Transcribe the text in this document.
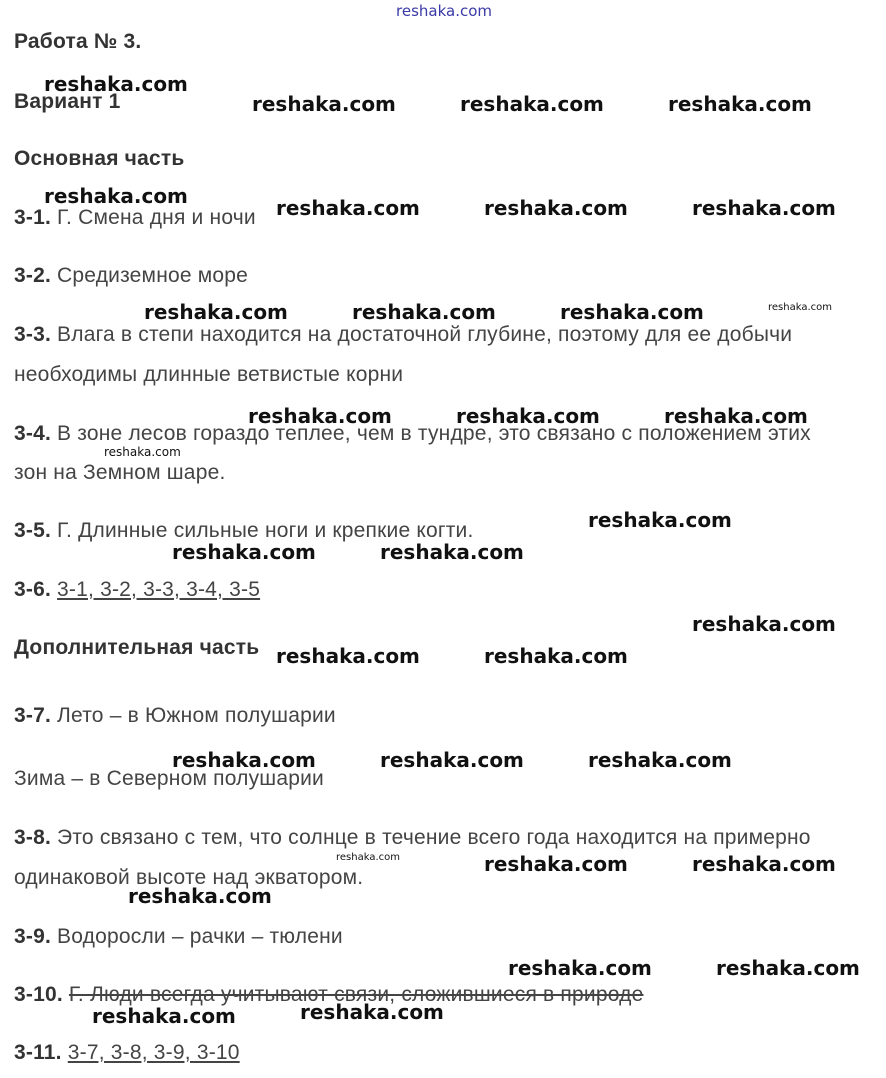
reshaka.com
Работа № 3.
Вариант 1
Основная часть
3-1. Г. Смена дня и ночи
3-2. Средиземное море
3-3. Влага в степи находится на достаточной глубине, поэтому для ее добычи
необходимы длинные ветвистые корни
3-4. В зоне лесов гораздо теплее, чем в тундре, это связано с положением этих
зон на Земном шаре.
3-5. Г. Длинные сильные ноги и крепкие когти.
3-6. 3-1, 3-2, 3-3, 3-4, 3-5
Дополнительная часть
3-7. Лето – в Южном полушарии
Зима – в Северном полушарии
3-8. Это связано с тем, что солнце в течение всего года находится на примерно
одинаковой высоте над экватором.
3-9. Водоросли – рачки – тюлени
3-10. Г. Люди всегда учитывают связи, сложившиеся в природе
3-11. 3-7, 3-8, 3-9, 3-10
reshaka.com
reshaka.com	reshaka.com	reshaka.com
reshaka.com	reshaka.com	reshaka.com	reshaka.com
reshaka.com	reshaka.com	reshaka.com	reshaka.com
reshaka.com	reshaka.com	reshaka.com
reshaka.com
reshaka.com
reshaka.com	reshaka.com
reshaka.com
reshaka.com	reshaka.com
reshaka.com	reshaka.com	reshaka.com
reshaka.com	reshaka.com	reshaka.com
reshaka.com
reshaka.com	reshaka.com
reshaka.com	reshaka.com
